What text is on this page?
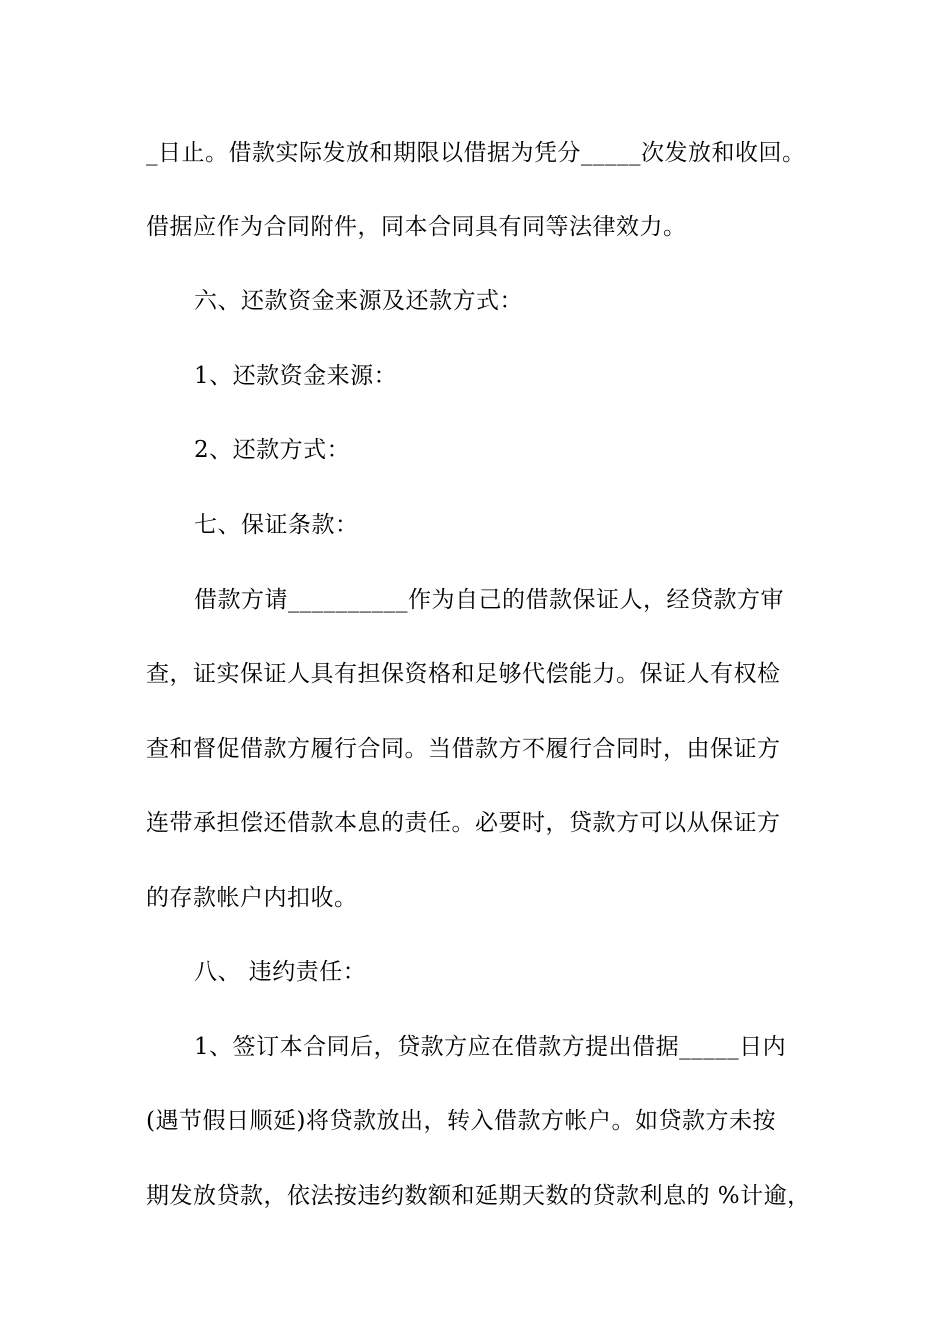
_日止。借款实际发放和期限以借据为凭分_____次发放和收回。
借据应作为合同附件，同本合同具有同等法律效力。
六、还款资金来源及还款方式：
1、还款资金来源：
2、还款方式：
七、保证条款：
借款方请__________作为自己的借款保证人，经贷款方审
查，证实保证人具有担保资格和足够代偿能力。保证人有权检
查和督促借款方履行合同。当借款方不履行合同时，由保证方
连带承担偿还借款本息的责任。必要时，贷款方可以从保证方
的存款帐户内扣收。
八、 违约责任：
1、签订本合同后，贷款方应在借款方提出借据_____日内
(遇节假日顺延)将贷款放出，转入借款方帐户。如贷款方未按
期发放贷款，依法按违约数额和延期天数的贷款利息的 %计逾，
